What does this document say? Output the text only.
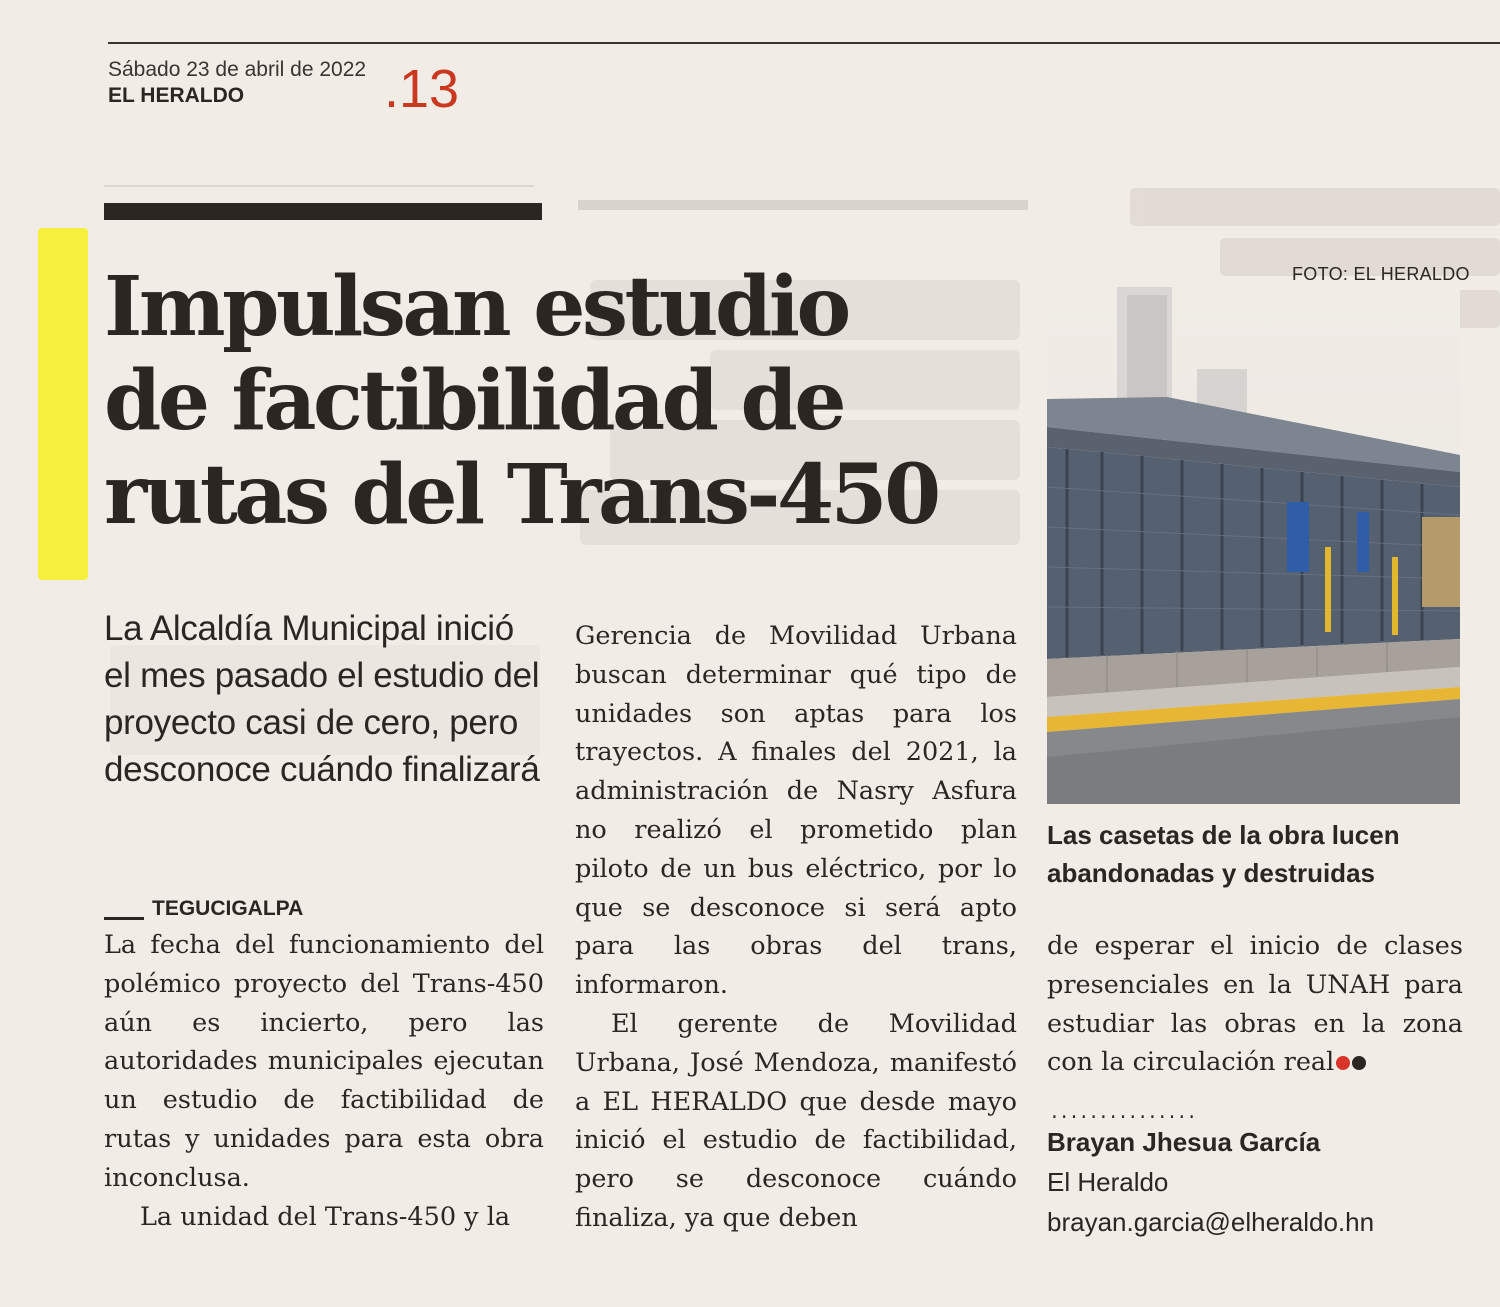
Sábado 23 de abril de 2022
EL HERALDO	.13
Impulsan estudio
de factibilidad de
rutas del Trans-450
La Alcaldía Municipal inició el mes pasado el estudio del proyecto casi de cero, pero desconoce cuándo finalizará
TEGUCIGALPA

La fecha del funcionamiento del polémico proyecto del Trans-450 aún es incierto, pero las autoridades municipales ejecutan un estudio de factibilidad de rutas y unidades para esta obra inconclusa.

La unidad del Trans-450 y la

Gerencia de Movilidad Urbana buscan determinar qué tipo de unidades son aptas para los trayectos. A finales del 2021, la administración de Nasry Asfura no realizó el prometido plan piloto de un bus eléctrico, por lo que se desconoce si será apto para las obras del trans, informaron.

El gerente de Movilidad Urbana, José Mendoza, manifestó a EL HERALDO que desde mayo inició el estudio de factibilidad, pero se desconoce cuándo finaliza, ya que deben

FOTO: EL HERALDO
Las casetas de la obra lucen abandonadas y destruidas

de esperar el inicio de clases presenciales en la UNAH para estudiar las obras en la zona con la circulación real

...............
Brayan Jhesua García
El Heraldo
brayan.garcia@elheraldo.hn
